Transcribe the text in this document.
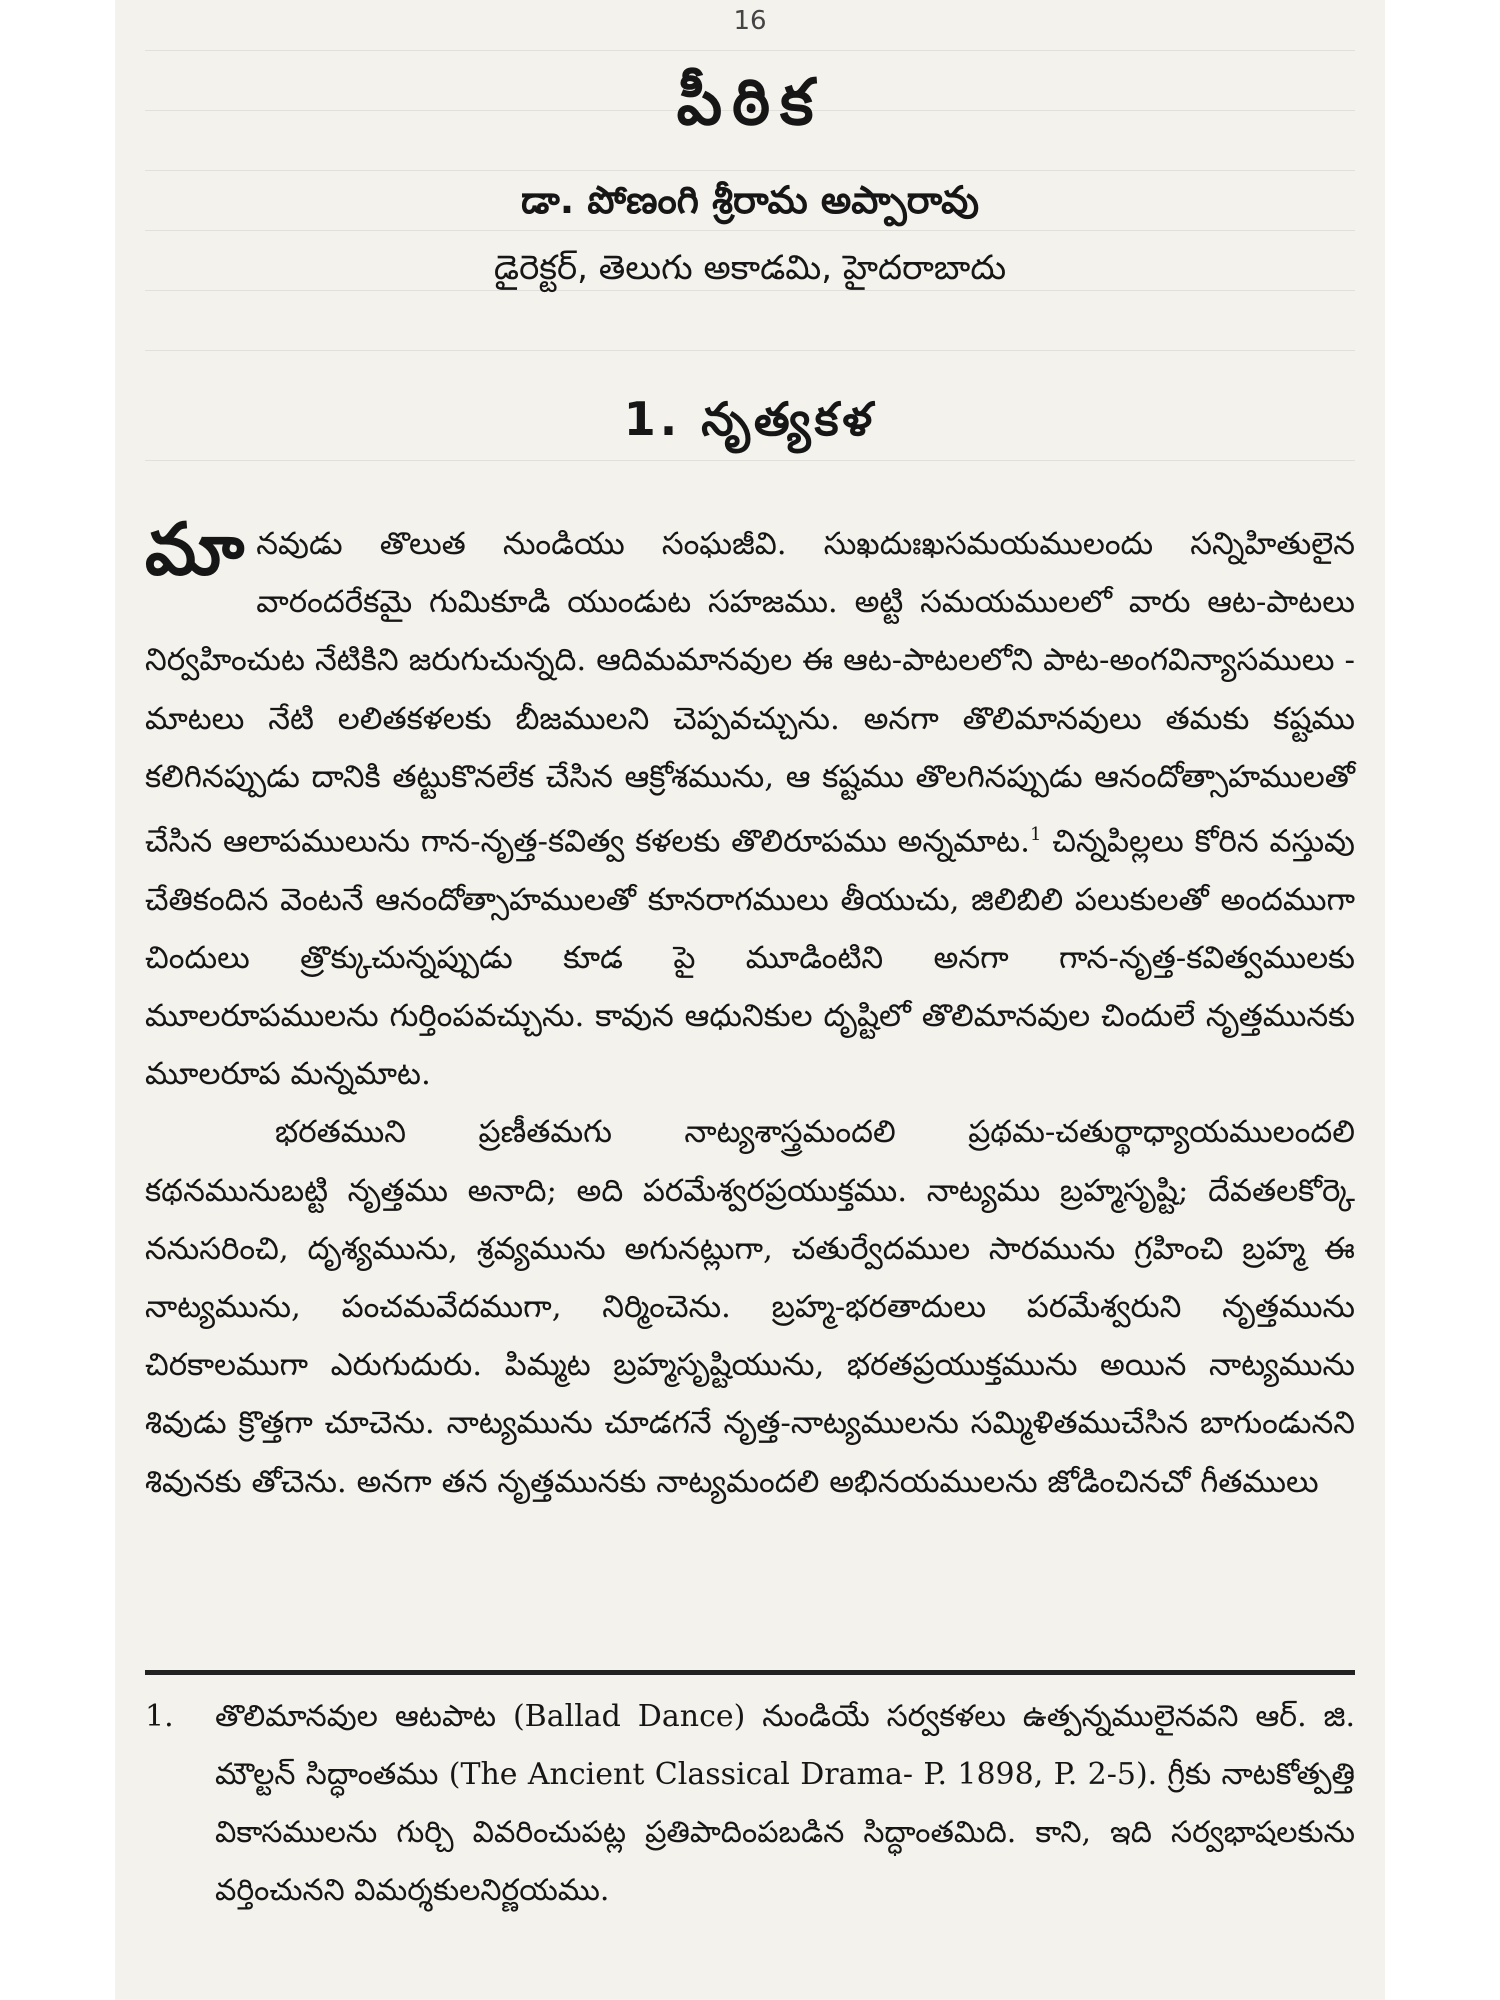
16
పీఠిక
డా. పోణంగి శ్రీరామ అప్పారావు
డైరెక్టర్, తెలుగు అకాడమి, హైదరాబాదు
1. నృత్యకళ

మానవుడు తొలుత నుండియు సంఘజీవి. సుఖదుఃఖసమయములందు సన్నిహితులైన వారందరేకమై గుమికూడి యుండుట సహజము. అట్టి సమయములలో వారు ఆట-పాటలు నిర్వహించుట నేటికిని జరుగుచున్నది. ఆదిమమానవుల ఈ ఆట-పాటలలోని పాట-అంగవిన్యాసములు - మాటలు నేటి లలితకళలకు బీజములని చెప్పవచ్చును. అనగా తొలిమానవులు తమకు కష్టము కలిగినప్పుడు దానికి తట్టుకొనలేక చేసిన ఆక్రోశమును, ఆ కష్టము తొలగినప్పుడు ఆనందోత్సాహములతో చేసిన ఆలాపములును గాన-నృత్త-కవిత్వ కళలకు తొలిరూపము అన్నమాట.$^1$ చిన్నపిల్లలు కోరిన వస్తువు చేతికందిన వెంటనే ఆనందోత్సాహములతో కూనరాగములు తీయుచు, జిలిబిలి పలుకులతో అందముగా చిందులు త్రొక్కుచున్నప్పుడు కూడ పై మూడింటిని అనగా గాన-నృత్త-కవిత్వములకు మూలరూపములను గుర్తింపవచ్చును. కావున ఆధునికుల దృష్టిలో తొలిమానవుల చిందులే నృత్తమునకు మూలరూప మన్నమాట.

భరతముని ప్రణీతమగు నాట్యశాస్త్రమందలి ప్రథమ-చతుర్థాధ్యాయములందలి కథనమునుబట్టి నృత్తము అనాది; అది పరమేశ్వరప్రయుక్తము. నాట్యము బ్రహ్మసృష్టి; దేవతలకోర్కె ననుసరించి, దృశ్యమును, శ్రవ్యమును అగునట్లుగా, చతుర్వేదముల సారమును గ్రహించి బ్రహ్మ ఈ నాట్యమును, పంచమవేదముగా, నిర్మించెను. బ్రహ్మ-భరతాదులు పరమేశ్వరుని నృత్తమును చిరకాలముగా ఎరుగుదురు. పిమ్మట బ్రహ్మసృష్టియును, భరతప్రయుక్తమును అయిన నాట్యమును శివుడు క్రొత్తగా చూచెను. నాట్యమును చూడగనే నృత్త-నాట్యములను సమ్మిళితముచేసిన బాగుండునని శివునకు తోచెను. అనగా తన నృత్తమునకు నాట్యమందలి అభినయములను జోడించినచో గీతములు

1.	తొలిమానవుల ఆటపాట (Ballad Dance) నుండియే సర్వకళలు ఉత్పన్నములైనవని ఆర్. జి. మౌల్టన్ సిద్ధాంతము (The Ancient Classical Drama- P. 1898, P. 2-5). గ్రీకు నాటకోత్పత్తి వికాసములను గుర్చి వివరించుపట్ల ప్రతిపాదింపబడిన సిద్ధాంతమిది. కాని, ఇది సర్వభాషలకును వర్తించునని విమర్శకులనిర్ణయము.
